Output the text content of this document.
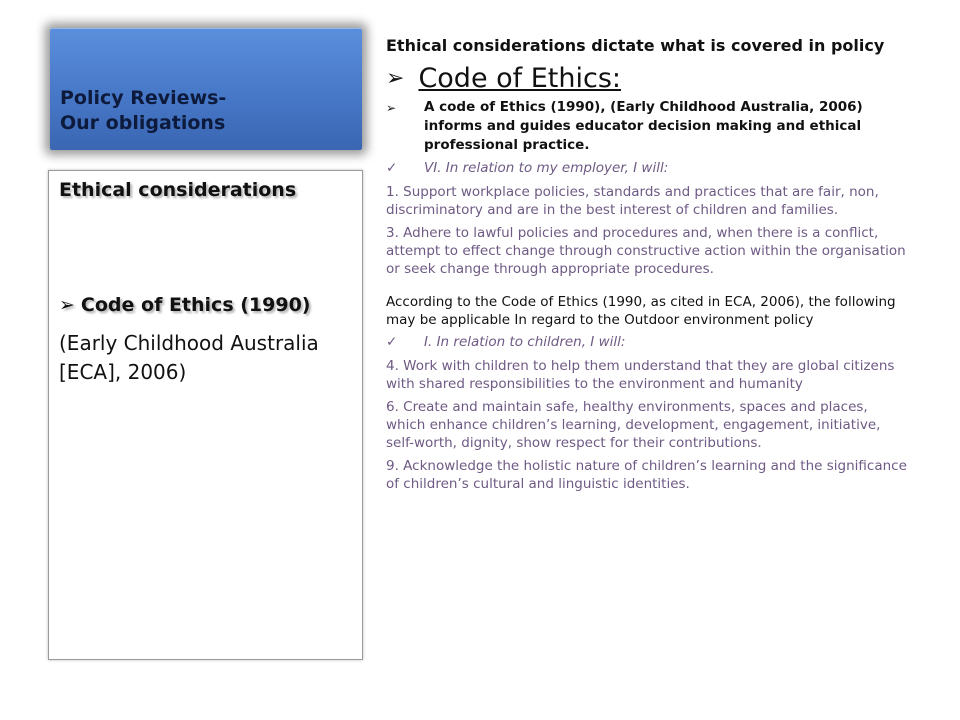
Policy Reviews-
Our obligations
Ethical considerations
➢ Code of Ethics (1990)
(Early Childhood Australia [ECA], 2006)
Ethical considerations dictate what is covered in policy
➢ Code of Ethics:
➢	A code of Ethics (1990), (Early Childhood Australia, 2006) informs and guides educator decision making and ethical professional practice.
✓	VI. In relation to my employer, I will:
1. Support workplace policies, standards and practices that are fair, non, discriminatory and are in the best interest of children and families.
3. Adhere to lawful policies and procedures and, when there is a conflict, attempt to effect change through constructive action within the organisation or seek change through appropriate procedures.
According to the Code of Ethics (1990, as cited in ECA, 2006), the following may be applicable In regard to the Outdoor environment policy
✓	I. In relation to children, I will:
4. Work with children to help them understand that they are global citizens with shared responsibilities to the environment and humanity
6. Create and maintain safe, healthy environments, spaces and places, which enhance children’s learning, development, engagement, initiative, self-worth, dignity, show respect for their contributions.
9. Acknowledge the holistic nature of children’s learning and the significance of children’s cultural and linguistic identities.
